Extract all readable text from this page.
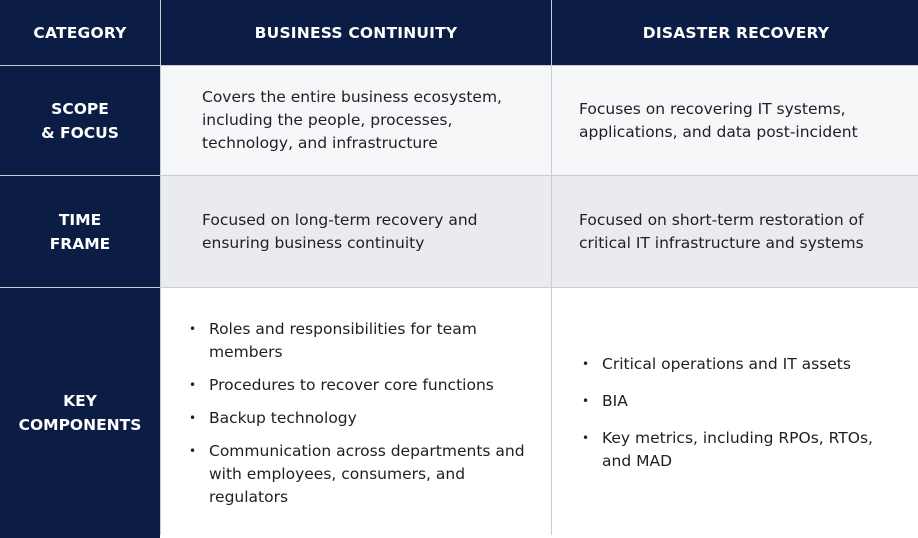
CATEGORY	BUSINESS CONTINUITY	DISASTER RECOVERY
SCOPE
& FOCUS
Covers the entire business ecosystem, including the people, processes, technology, and infrastructure
Focuses on recovering IT systems, applications, and data post-incident
TIME
FRAME
Focused on long-term recovery and ensuring business continuity
Focused on short-term restoration of critical IT infrastructure and systems
KEY
COMPONENTS
• Roles and responsibilities for team members
• Procedures to recover core functions
• Backup technology
• Communication across departments and with employees, consumers, and regulators
• Critical operations and IT assets
• BIA
• Key metrics, including RPOs, RTOs, and MAD
